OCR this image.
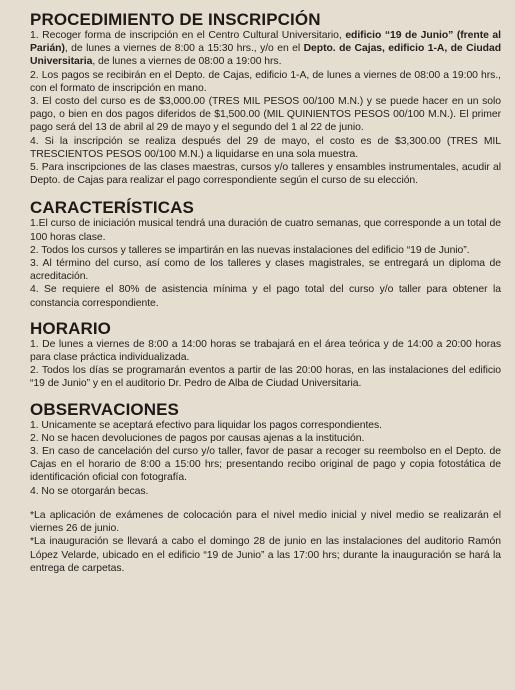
PROCEDIMIENTO DE INSCRIPCIÓN

1. Recoger forma de inscripción en el Centro Cultural Universitario, edificio “19 de Junio” (frente al Parián), de lunes a viernes de 8:00 a 15:30 hrs., y/o en el Depto. de Cajas, edificio 1-A, de Ciudad Universitaria, de lunes a viernes de 08:00 a 19:00 hrs.

2. Los pagos se recibirán en el Depto. de Cajas, edificio 1-A, de lunes a viernes de 08:00 a 19:00 hrs., con el formato de inscripción en mano.

3. El costo del curso es de $3,000.00 (TRES MIL PESOS 00/100 M.N.) y se puede hacer en un solo pago, o bien en dos pagos diferidos de $1,500.00 (MIL QUINIENTOS PESOS 00/100 M.N.). El primer pago será del 13 de abril al 29 de mayo y el segundo del 1 al 22 de junio.

4. Si la inscripción se realiza después del 29 de mayo, el costo es de $3,300.00 (TRES MIL TRESCIENTOS PESOS 00/100 M.N.) a liquidarse en una sola muestra.

5. Para inscripciones de las clases maestras, cursos y/o talleres y ensambles instrumentales, acudir al Depto. de Cajas para realizar el pago correspondiente según el curso de su elección.

CARACTERÍSTICAS

1.El curso de iniciación musical tendrá una duración de cuatro semanas, que corresponde a un total de 100 horas clase.

2. Todos los cursos y talleres se impartirán en las nuevas instalaciones del edificio “19 de Junio”.

3. Al término del curso, así como de los talleres y clases magistrales, se entregará un diploma de acreditación.

4. Se requiere el 80% de asistencia mínima y el pago total del curso y/o taller para obtener la constancia correspondiente.

HORARIO

1. De lunes a viernes de 8:00 a 14:00 horas se trabajará en el área teórica y de 14:00 a 20:00 horas para clase práctica individualizada.

2. Todos los días se programarán eventos a partir de las 20:00 horas, en las instalaciones del edificio “19 de Junio” y en el auditorio Dr. Pedro de Alba de Ciudad Universitaria.

OBSERVACIONES

1. Unicamente se aceptará efectivo para liquidar los pagos correspondientes.

2. No se hacen devoluciones de pagos por causas ajenas a la institución.

3. En caso de cancelación del curso y/o taller, favor de pasar a recoger su reembolso en el Depto. de Cajas en el horario de 8:00 a 15:00 hrs; presentando recibo original de pago y copia fotostática de identificación oficial con fotografía.

4. No se otorgarán becas.

*La aplicación de exámenes de colocación para el nivel medio inicial y nivel medio se realizarán el viernes 26 de junio.

*La inauguración se llevará a cabo el domingo 28 de junio en las instalaciones del auditorio Ramón López Velarde, ubicado en el edificio “19 de Junio” a las 17:00 hrs; durante la inauguración se hará la entrega de carpetas.
